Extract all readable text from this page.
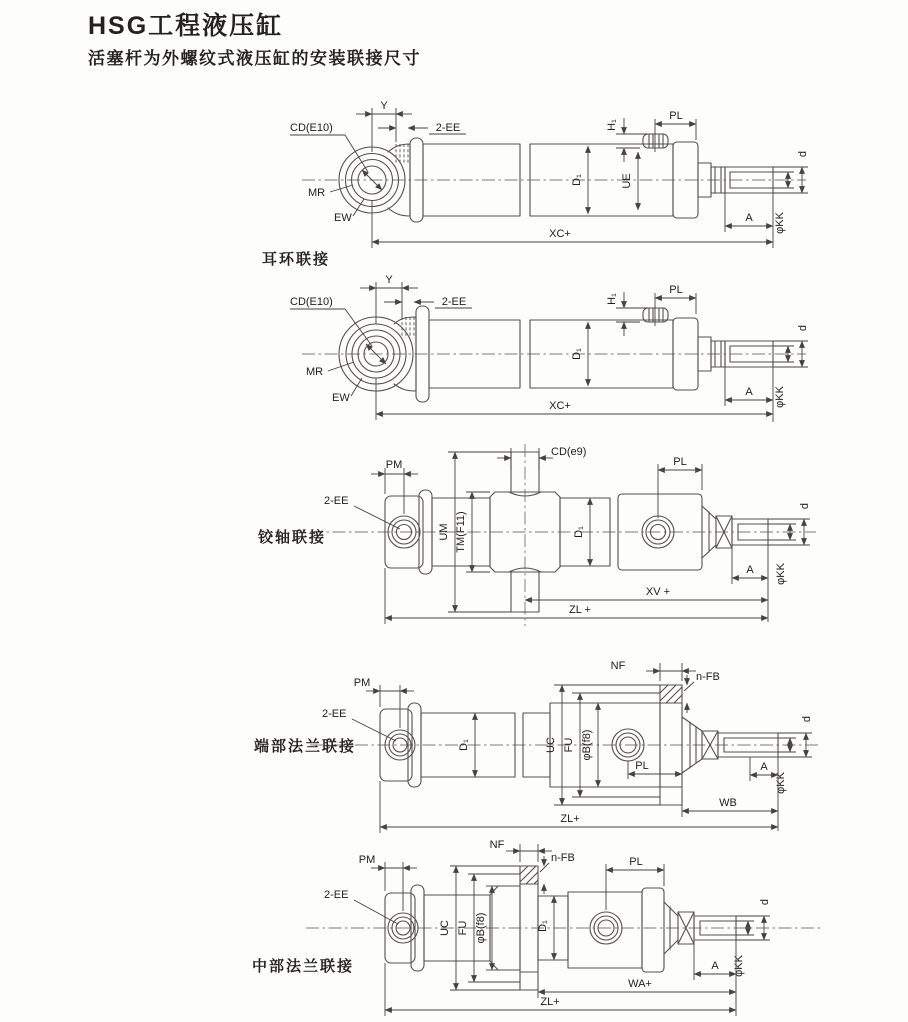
HSG工程液压缸
活塞杆为外螺纹式液压缸的安装联接尺寸
Y
2-EE
CD(E10)
MR
EW
H₁
PL
D₁	UE
d
φKK
A
XC+
耳环联接
Y
2-EE
CD(E10)
MR
EW
H₁
PL
D₁
d
φKK
A
XC+
PM
CD(e9)
PL
2-EE
UM TM(F11)	D₁
d
φKK
A
XV +
ZL +
铰轴联接
PM
2-EE
NF
n-FB
UC FU φB(f8)
D₁
PL
φKK
d
A
WB
ZL+
端部法兰联接
PM
2-EE
NF
n-FB
UC FU φB(f8)	D₁
PL
d
φKK
A
WA+
ZL+
中部法兰联接
